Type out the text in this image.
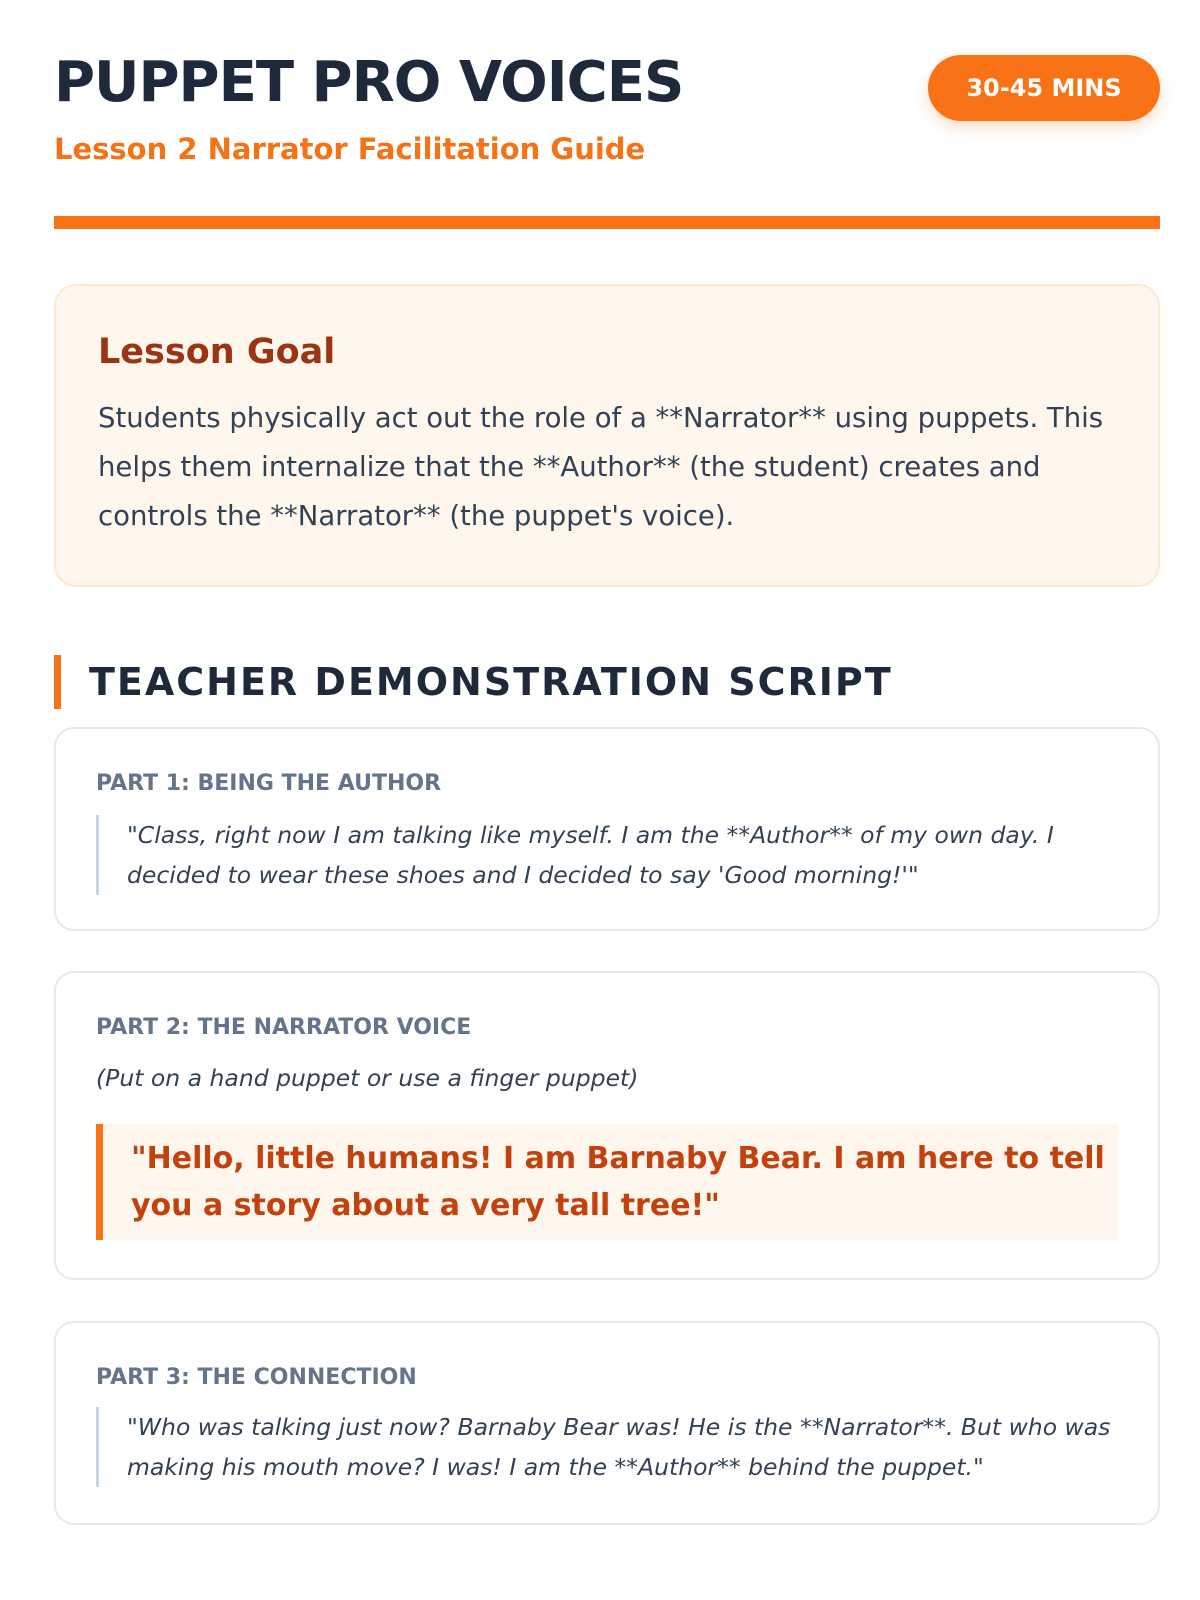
PUPPET PRO VOICES
Lesson 2 Narrator Facilitation Guide
30-45 MINS
Lesson Goal

Students physically act out the role of a **Narrator** using puppets. This helps them internalize that the **Author** (the student) creates and controls the **Narrator** (the puppet's voice).

TEACHER DEMONSTRATION SCRIPT
PART 1: BEING THE AUTHOR
"Class, right now I am talking like myself. I am the **Author** of my own day. I decided to wear these shoes and I decided to say 'Good morning!'"
PART 2: THE NARRATOR VOICE
(Put on a hand puppet or use a finger puppet)
"Hello, little humans! I am Barnaby Bear. I am here to tell you a story about a very tall tree!"
PART 3: THE CONNECTION
"Who was talking just now? Barnaby Bear was! He is the **Narrator**. But who was making his mouth move? I was! I am the **Author** behind the puppet."
